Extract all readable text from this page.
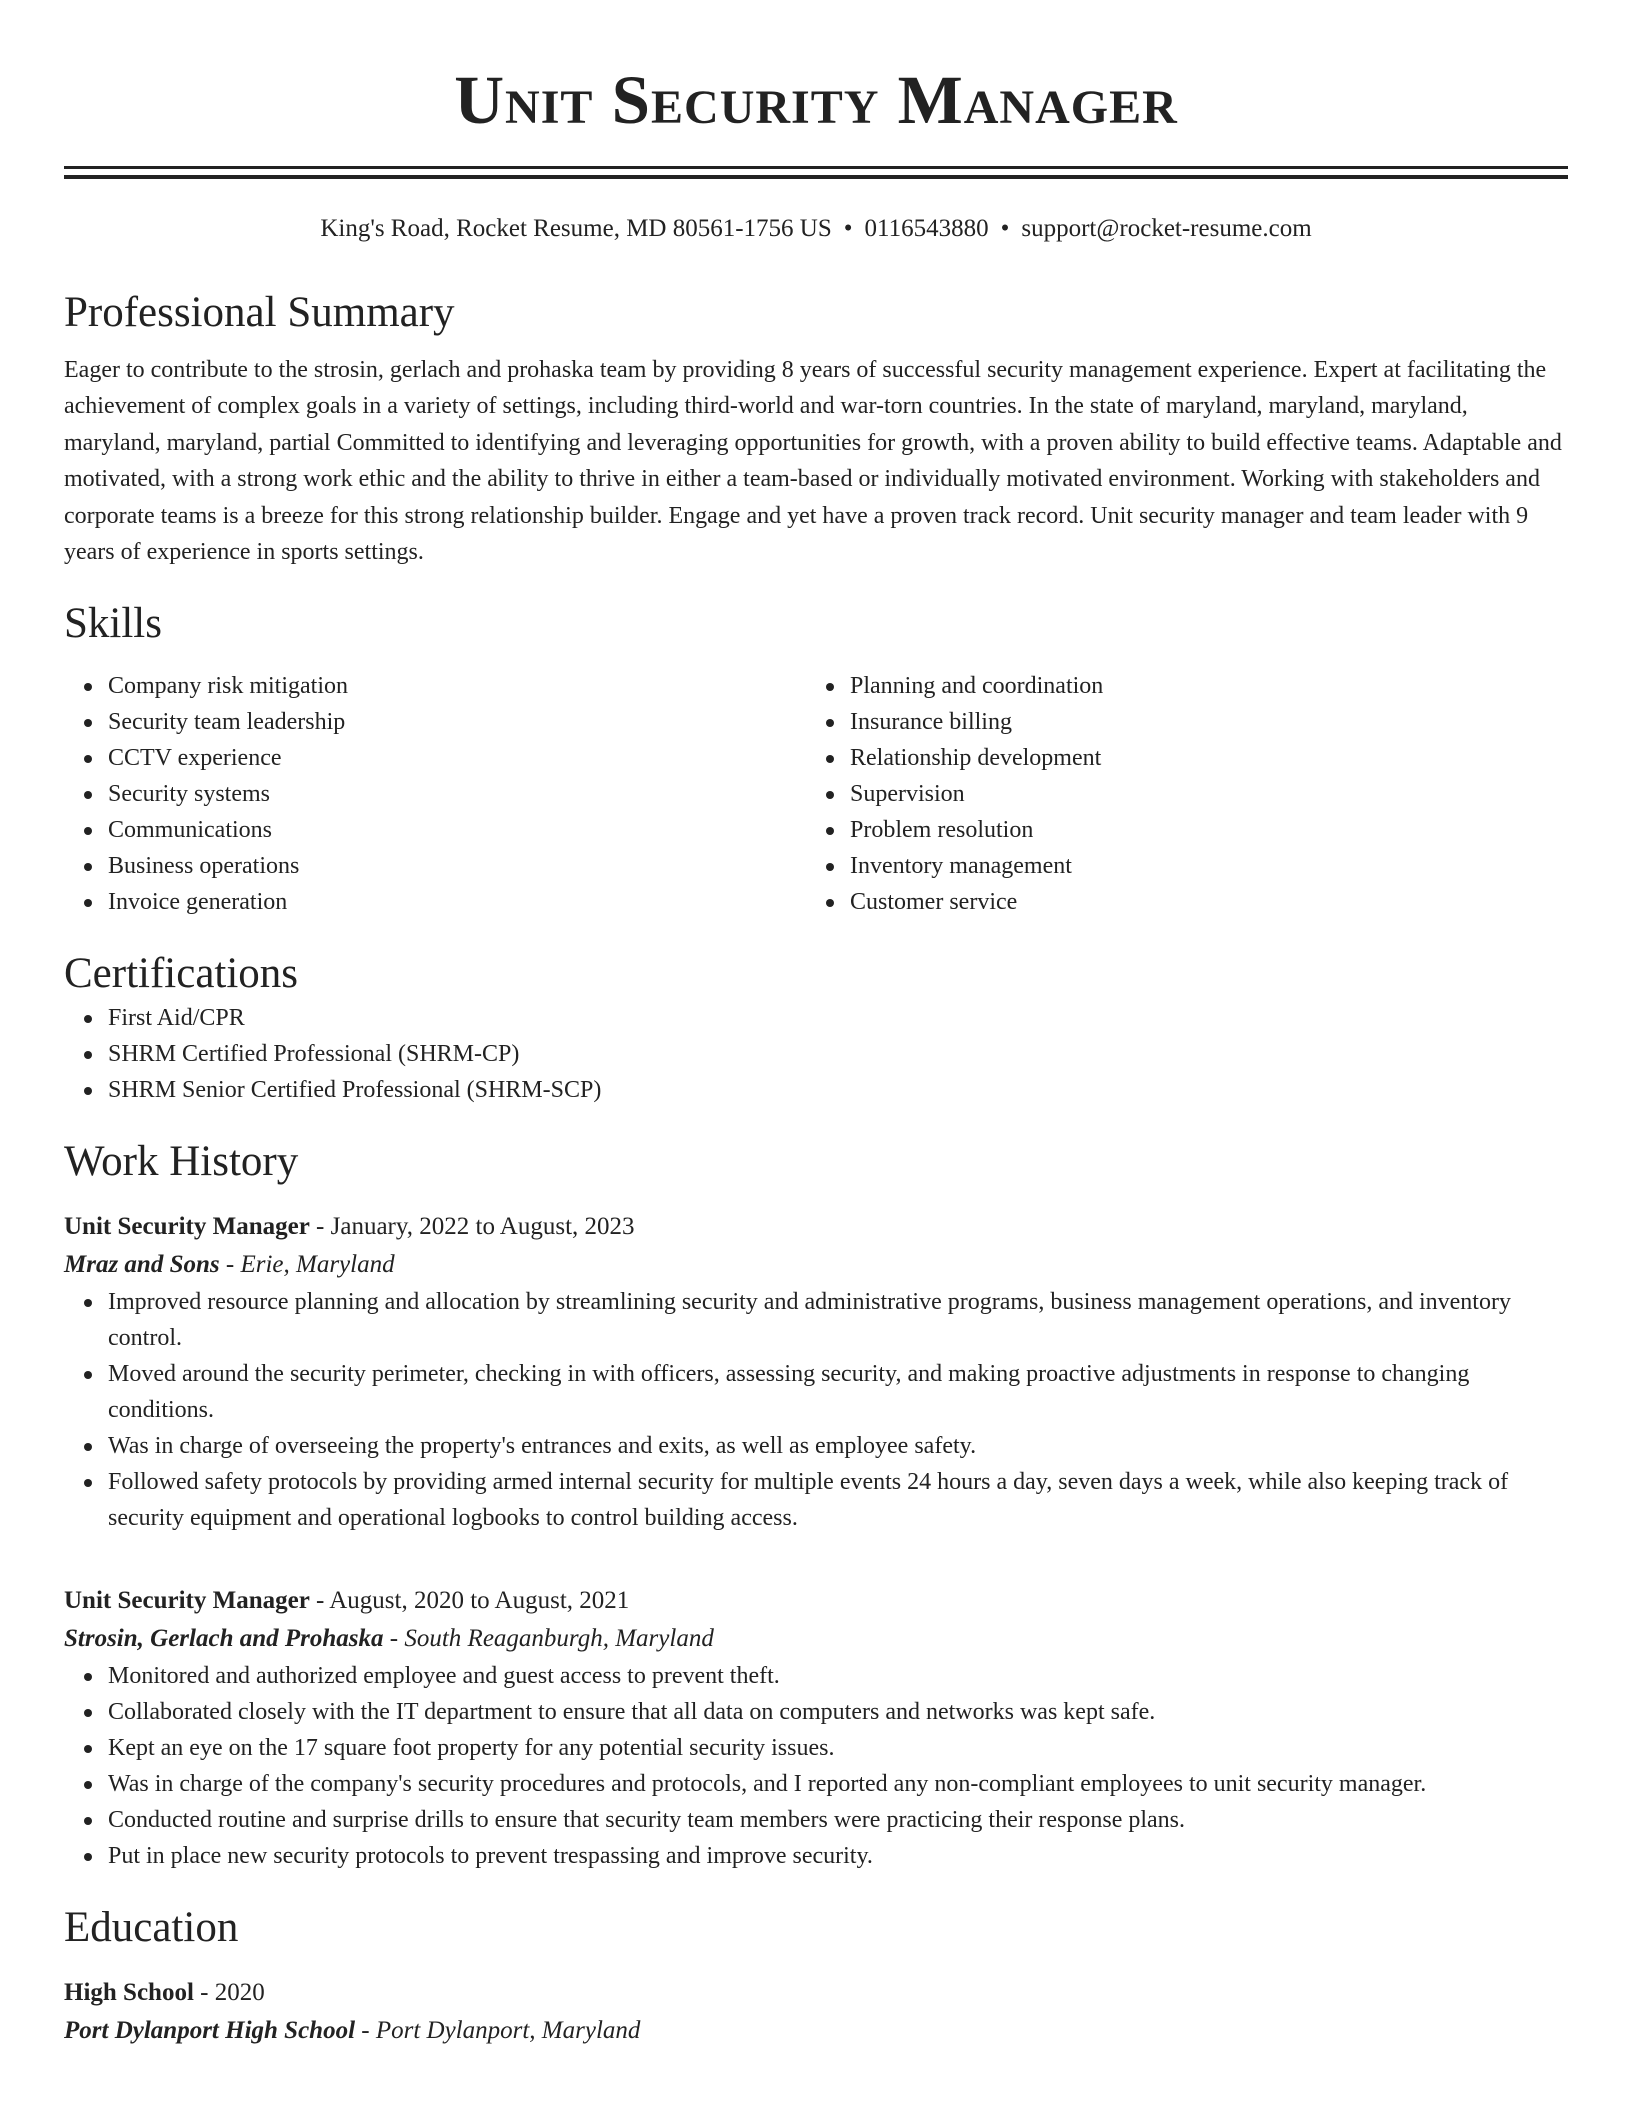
Unit Security Manager
King's Road, Rocket Resume, MD 80561-1756 US • 0116543880 • support@rocket-resume.com
Professional Summary

Eager to contribute to the strosin, gerlach and prohaska team by providing 8 years of successful security management experience. Expert at facilitating the achievement of complex goals in a variety of settings, including third-world and war-torn countries. In the state of maryland, maryland, maryland, maryland, maryland, partial Committed to identifying and leveraging opportunities for growth, with a proven ability to build effective teams. Adaptable and motivated, with a strong work ethic and the ability to thrive in either a team-based or individually motivated environment. Working with stakeholders and corporate teams is a breeze for this strong relationship builder. Engage and yet have a proven track record. Unit security manager and team leader with 9 years of experience in sports settings.

Skills
Company risk mitigation
Security team leadership
CCTV experience
Security systems
Communications
Business operations
Invoice generation
Planning and coordination
Insurance billing
Relationship development
Supervision
Problem resolution
Inventory management
Customer service
Certifications
First Aid/CPR
SHRM Certified Professional (SHRM-CP)
SHRM Senior Certified Professional (SHRM-SCP)
Work History
Unit Security Manager - January, 2022 to August, 2023
Mraz and Sons - Erie, Maryland
Improved resource planning and allocation by streamlining security and administrative programs, business management operations, and inventory control.
Moved around the security perimeter, checking in with officers, assessing security, and making proactive adjustments in response to changing conditions.
Was in charge of overseeing the property's entrances and exits, as well as employee safety.
Followed safety protocols by providing armed internal security for multiple events 24 hours a day, seven days a week, while also keeping track of security equipment and operational logbooks to control building access.
Unit Security Manager - August, 2020 to August, 2021
Strosin, Gerlach and Prohaska - South Reaganburgh, Maryland
Monitored and authorized employee and guest access to prevent theft.
Collaborated closely with the IT department to ensure that all data on computers and networks was kept safe.
Kept an eye on the 17 square foot property for any potential security issues.
Was in charge of the company's security procedures and protocols, and I reported any non-compliant employees to unit security manager.
Conducted routine and surprise drills to ensure that security team members were practicing their response plans.
Put in place new security protocols to prevent trespassing and improve security.
Education
High School - 2020
Port Dylanport High School - Port Dylanport, Maryland
